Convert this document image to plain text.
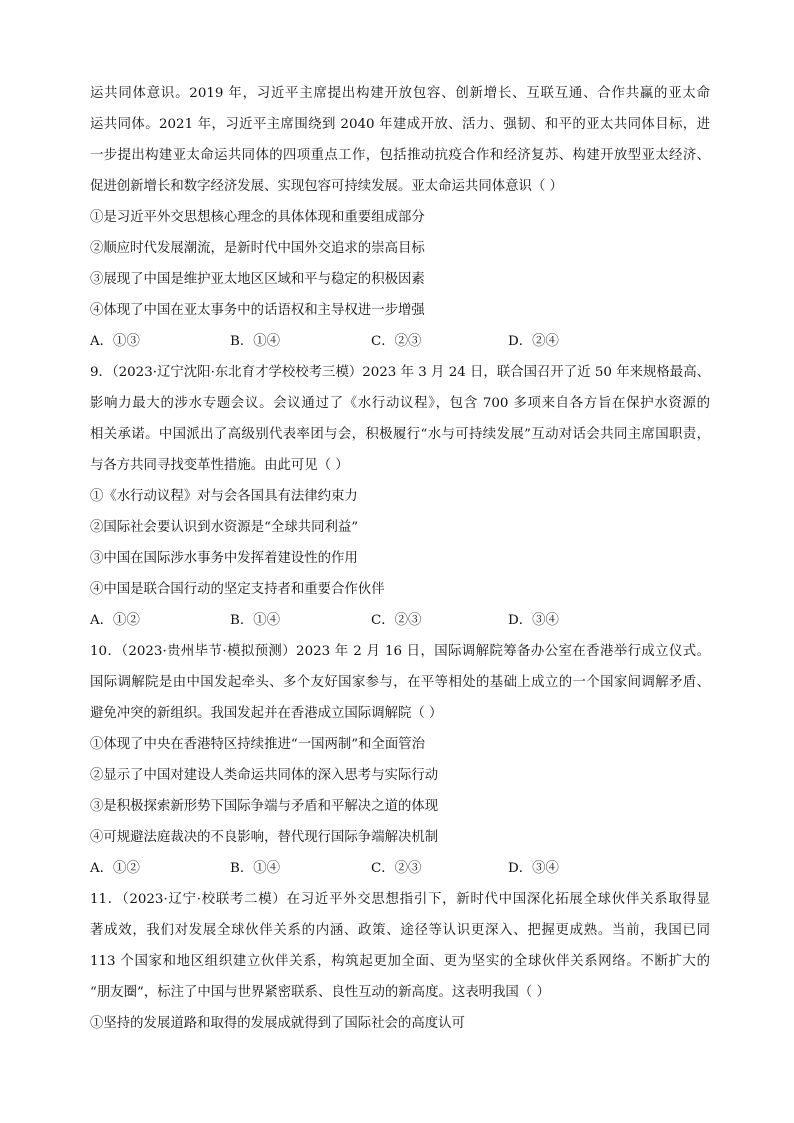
运共同体意识。2019 年，习近平主席提出构建开放包容、创新增长、互联互通、合作共赢的亚太命
运共同体。2021 年，习近平主席围绕到 2040 年建成开放、活力、强韧、和平的亚太共同体目标，进
一步提出构建亚太命运共同体的四项重点工作，包括推动抗疫合作和经济复苏、构建开放型亚太经济、
促进创新增长和数字经济发展、实现包容可持续发展。亚太命运共同体意识（ ）
①是习近平外交思想核心理念的具体体现和重要组成部分
②顺应时代发展潮流，是新时代中国外交追求的崇高目标
③展现了中国是维护亚太地区区域和平与稳定的积极因素
④体现了中国在亚太事务中的话语权和主导权进一步增强
A．①③	B．①④	C．②③	D．②④
9．（2023·辽宁沈阳·东北育才学校校考三模）2023 年 3 月 24 日，联合国召开了近 50 年来规格最高、
影响力最大的涉水专题会议。会议通过了《水行动议程》，包含 700 多项来自各方旨在保护水资源的
相关承诺。中国派出了高级别代表率团与会，积极履行“水与可持续发展”互动对话会共同主席国职责，
与各方共同寻找变革性措施。由此可见（ ）
①《水行动议程》对与会各国具有法律约束力
②国际社会要认识到水资源是“全球共同利益”
③中国在国际涉水事务中发挥着建设性的作用
④中国是联合国行动的坚定支持者和重要合作伙伴
A．①②	B．①④	C．②③	D．③④
10．（2023·贵州毕节·模拟预测）2023 年 2 月 16 日，国际调解院筹备办公室在香港举行成立仪式。
国际调解院是由中国发起牵头、多个友好国家参与，在平等相处的基础上成立的一个国家间调解矛盾、
避免冲突的新组织。我国发起并在香港成立国际调解院（ ）
①体现了中央在香港特区持续推进“一国两制”和全面管治
②显示了中国对建设人类命运共同体的深入思考与实际行动
③是积极探索新形势下国际争端与矛盾和平解决之道的体现
④可规避法庭裁决的不良影响，替代现行国际争端解决机制
A．①②	B．①④	C．②③	D．③④
11．（2023·辽宁·校联考二模）在习近平外交思想指引下，新时代中国深化拓展全球伙伴关系取得显
著成效，我们对发展全球伙伴关系的内涵、政策、途径等认识更深入、把握更成熟。当前，我国已同
113 个国家和地区组织建立伙伴关系，构筑起更加全面、更为坚实的全球伙伴关系网络。不断扩大的
“朋友圈”，标注了中国与世界紧密联系、良性互动的新高度。这表明我国（ ）
①坚持的发展道路和取得的发展成就得到了国际社会的高度认可
